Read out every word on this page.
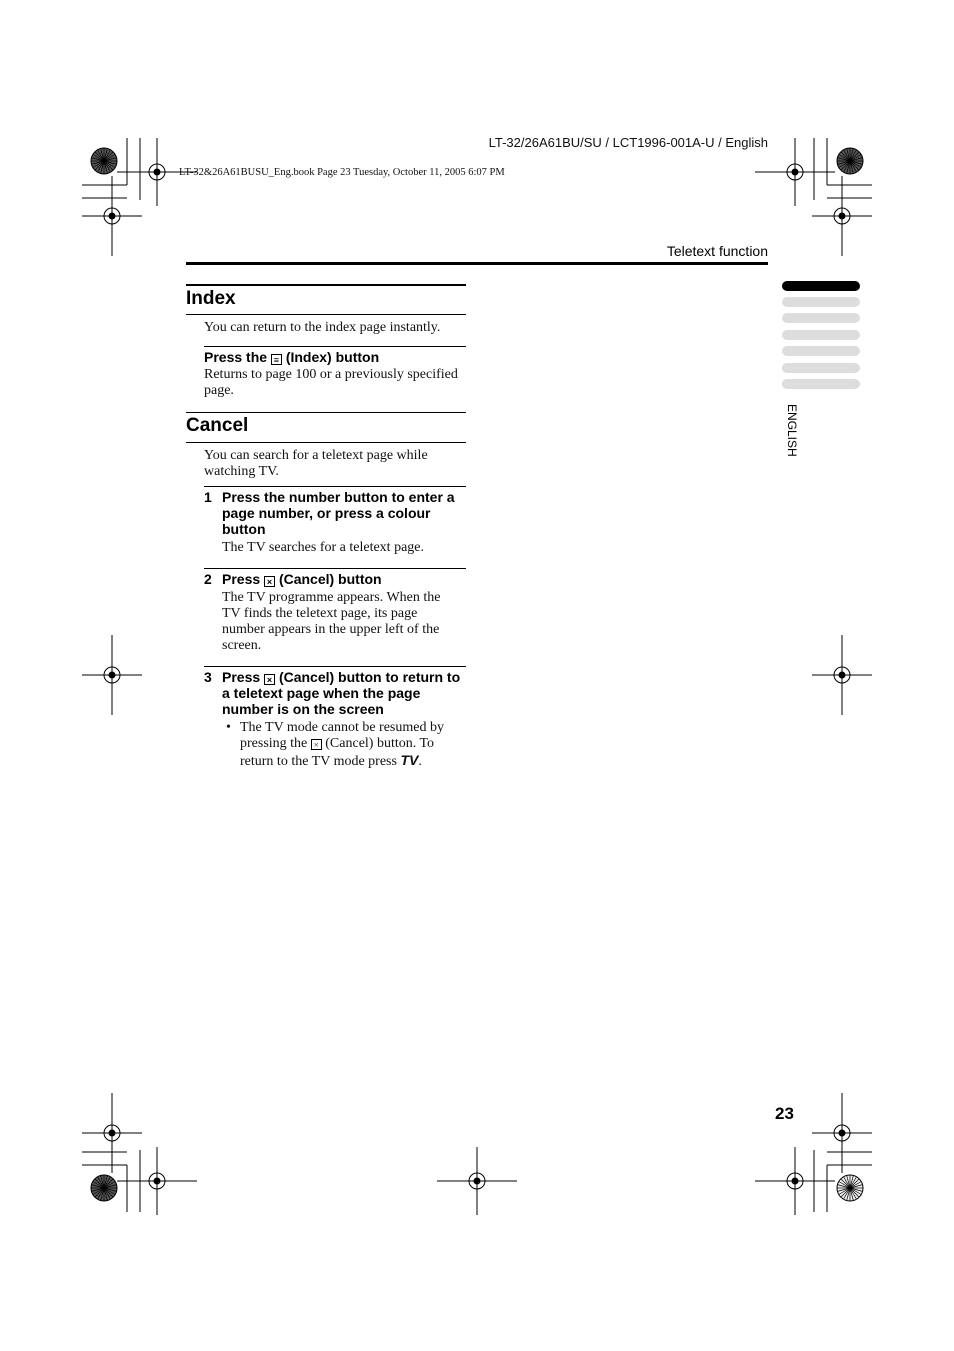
LT-32/26A61BU/SU / LCT1996-001A-U / English
LT-32&26A61BUSU_Eng.book Page 23 Tuesday, October 11, 2005 6:07 PM
Teletext function
ENGLISH
Index
You can return to the index page instantly.
Press the ≡ (Index) button
Returns to page 100 or a previously specified page.
Cancel
You can search for a teletext page while watching TV.
1 Press the number button to enter a page number, or press a colour button
The TV searches for a teletext page.
2 Press × (Cancel) button
The TV programme appears. When the TV finds the teletext page, its page number appears in the upper left of the screen.
3 Press × (Cancel) button to return to a teletext page when the page number is on the screen
• The TV mode cannot be resumed by pressing the × (Cancel) button. To return to the TV mode press TV.
23
